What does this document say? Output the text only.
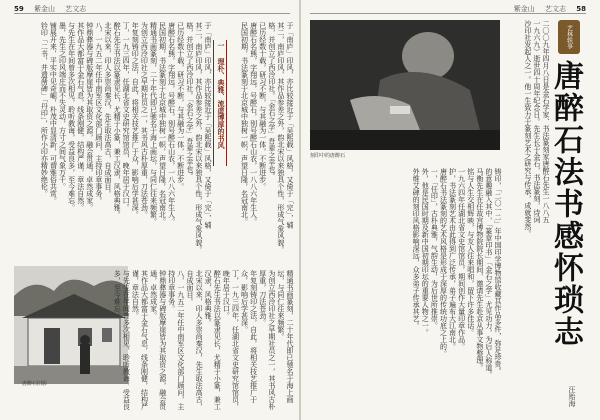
59 紫金山 艺文志	紫金山 艺文志 58
于「南庐」印风，亦比较接近于「吴熙载」风格，又倚于「完」，辅
其二，南庐印风，其作品参差之外，韵北宋以来独具个性，形成气象风貌。
格，并创立了西泠印社。「金石之学」吾辈之幸也。
已历经数十载，研习不断，与其融为一体，不断进步。
唐醉石名熊，字翔远，号醉石，别号醉石山农，一八八六年生人。
民国初期，书法篆刻于北京城中独树一帜，声望日隆，名冠南北。
精通书画篆刻，二十年代即已驰名于海上画坛，与同仁往来频繁。
为创立西泠印社之早期社员之一，其书风古朴厚重，刀法苍劲。
年复刻铸印之法，自此，将相关技艺推广于众，影响后学甚深。
丁，一九三四年，任湖北省文史研究馆馆员，晚年居于汉口。
醉石先生书法以篆隶见长，尤精于小篆，兼工汉隶，风格典雅。
北宋以来，印人多崇尚秦汉，先生取法高古，自成面目。
八，一九五二年任中南军区文化部门顾问，主持印章事务。
钟鼎彝器与碑版摩崖皆为其取资之源，融会贯通，卓然成家。
其作品大都富于金石气息，线条刚健，结构严谨，章法自然。
与先生在年间曾多次相见，聆听教诲，受益良多，至今难忘。
墨，先生之印风端庄而不失灵动，方寸之间气象万千。
铺展开来，平实中见奇崛，朴茂中显清新，可谓雅俗共赏。
钤印「二书，井遗凿碑」「丹印」，所作小印亦精妙绝伦。	一 理朴、典雅、流虚博厚的书风	于「南庐」印风，亦比较接近于「吴熙载」风格，又倚于「完」，辅
其二，南庐印风，其作品参差之外，韵北宋以来独具个性，形成气象风貌。
格，并创立了西泠印社。「金石之学」吾辈之幸也。
已历经数十载，研习不断，与其融为一体，不断进步。
唐醉石名熊，字翔远，号醉石，别号醉石山农，一八八六年生人。
民国初期，书法篆刻于北京城中独树一帜，声望日隆，名冠南北。
唐醉石旧影	精通书画篆刻，二十年代即已驰名于海上画坛，与同仁往来频繁。
为创立西泠印社之早期社员之一，其书风古朴厚重，刀法苍劲。
年复刻铸印之法，自此，将相关技艺推广于众，影响后学甚深。
丁，一九三四年，任湖北省文史研究馆馆员，晚年居于汉口。
醉石先生书法以篆隶见长，尤精于小篆，兼工汉隶，风格典雅。
北宋以来，印人多崇尚秦汉，先生取法高古，自成面目。
八，一九五二年任中南军区文化部门顾问，主持印章事务。
钟鼎彝器与碑版摩崖皆为其取资之源，融会贯通，卓然成家。
其作品大都富于金石气息，线条刚健，结构严谨，章法自然。
与先生在年间曾多次相见，聆听教诲，受益良多，至今难忘。
刻印中的唐醉石
艺林轶事
唐醉石法书感怀琐志
汪贻海
二〇〇九年四月八日是金石学家、书法篆刻家唐醉石先生一八八五
一九六九）逝世四十周年纪念日。先生长于金石，书法篆刻，诗词
沙印社发起人之一。他一生致力于篆刻艺术之研究与传承，成就斐然。
铸印，「二〇一二」年中国印学博物馆收藏其作品多件，弥足珍贵。
的意趣融入其中，「篆章印书」「金石之学」尤见功力，为后人称道。
马衡先生在任故宫博物院院长期间，邀请先生赴京从事文物整理。
铭与人生交相辉映，与友人往来唱和，留下许多佳话。
一九六四年任湖北省文史馆馆员，期间创作大量印章作品。
护，书法篆刻艺术由此得到广泛传承，弟子遍布大江南北。
唐醉石书法篆刻的艺术风格是形成于深厚的传统功底之上的。
一，「任印」，古朴典雅，气韵生动，为后世所推崇。
外，他是民国时期及新中国初期印坛的重要人物之一。
外维艾碑的刻印风格影响深远，众多弟子传承其艺。
